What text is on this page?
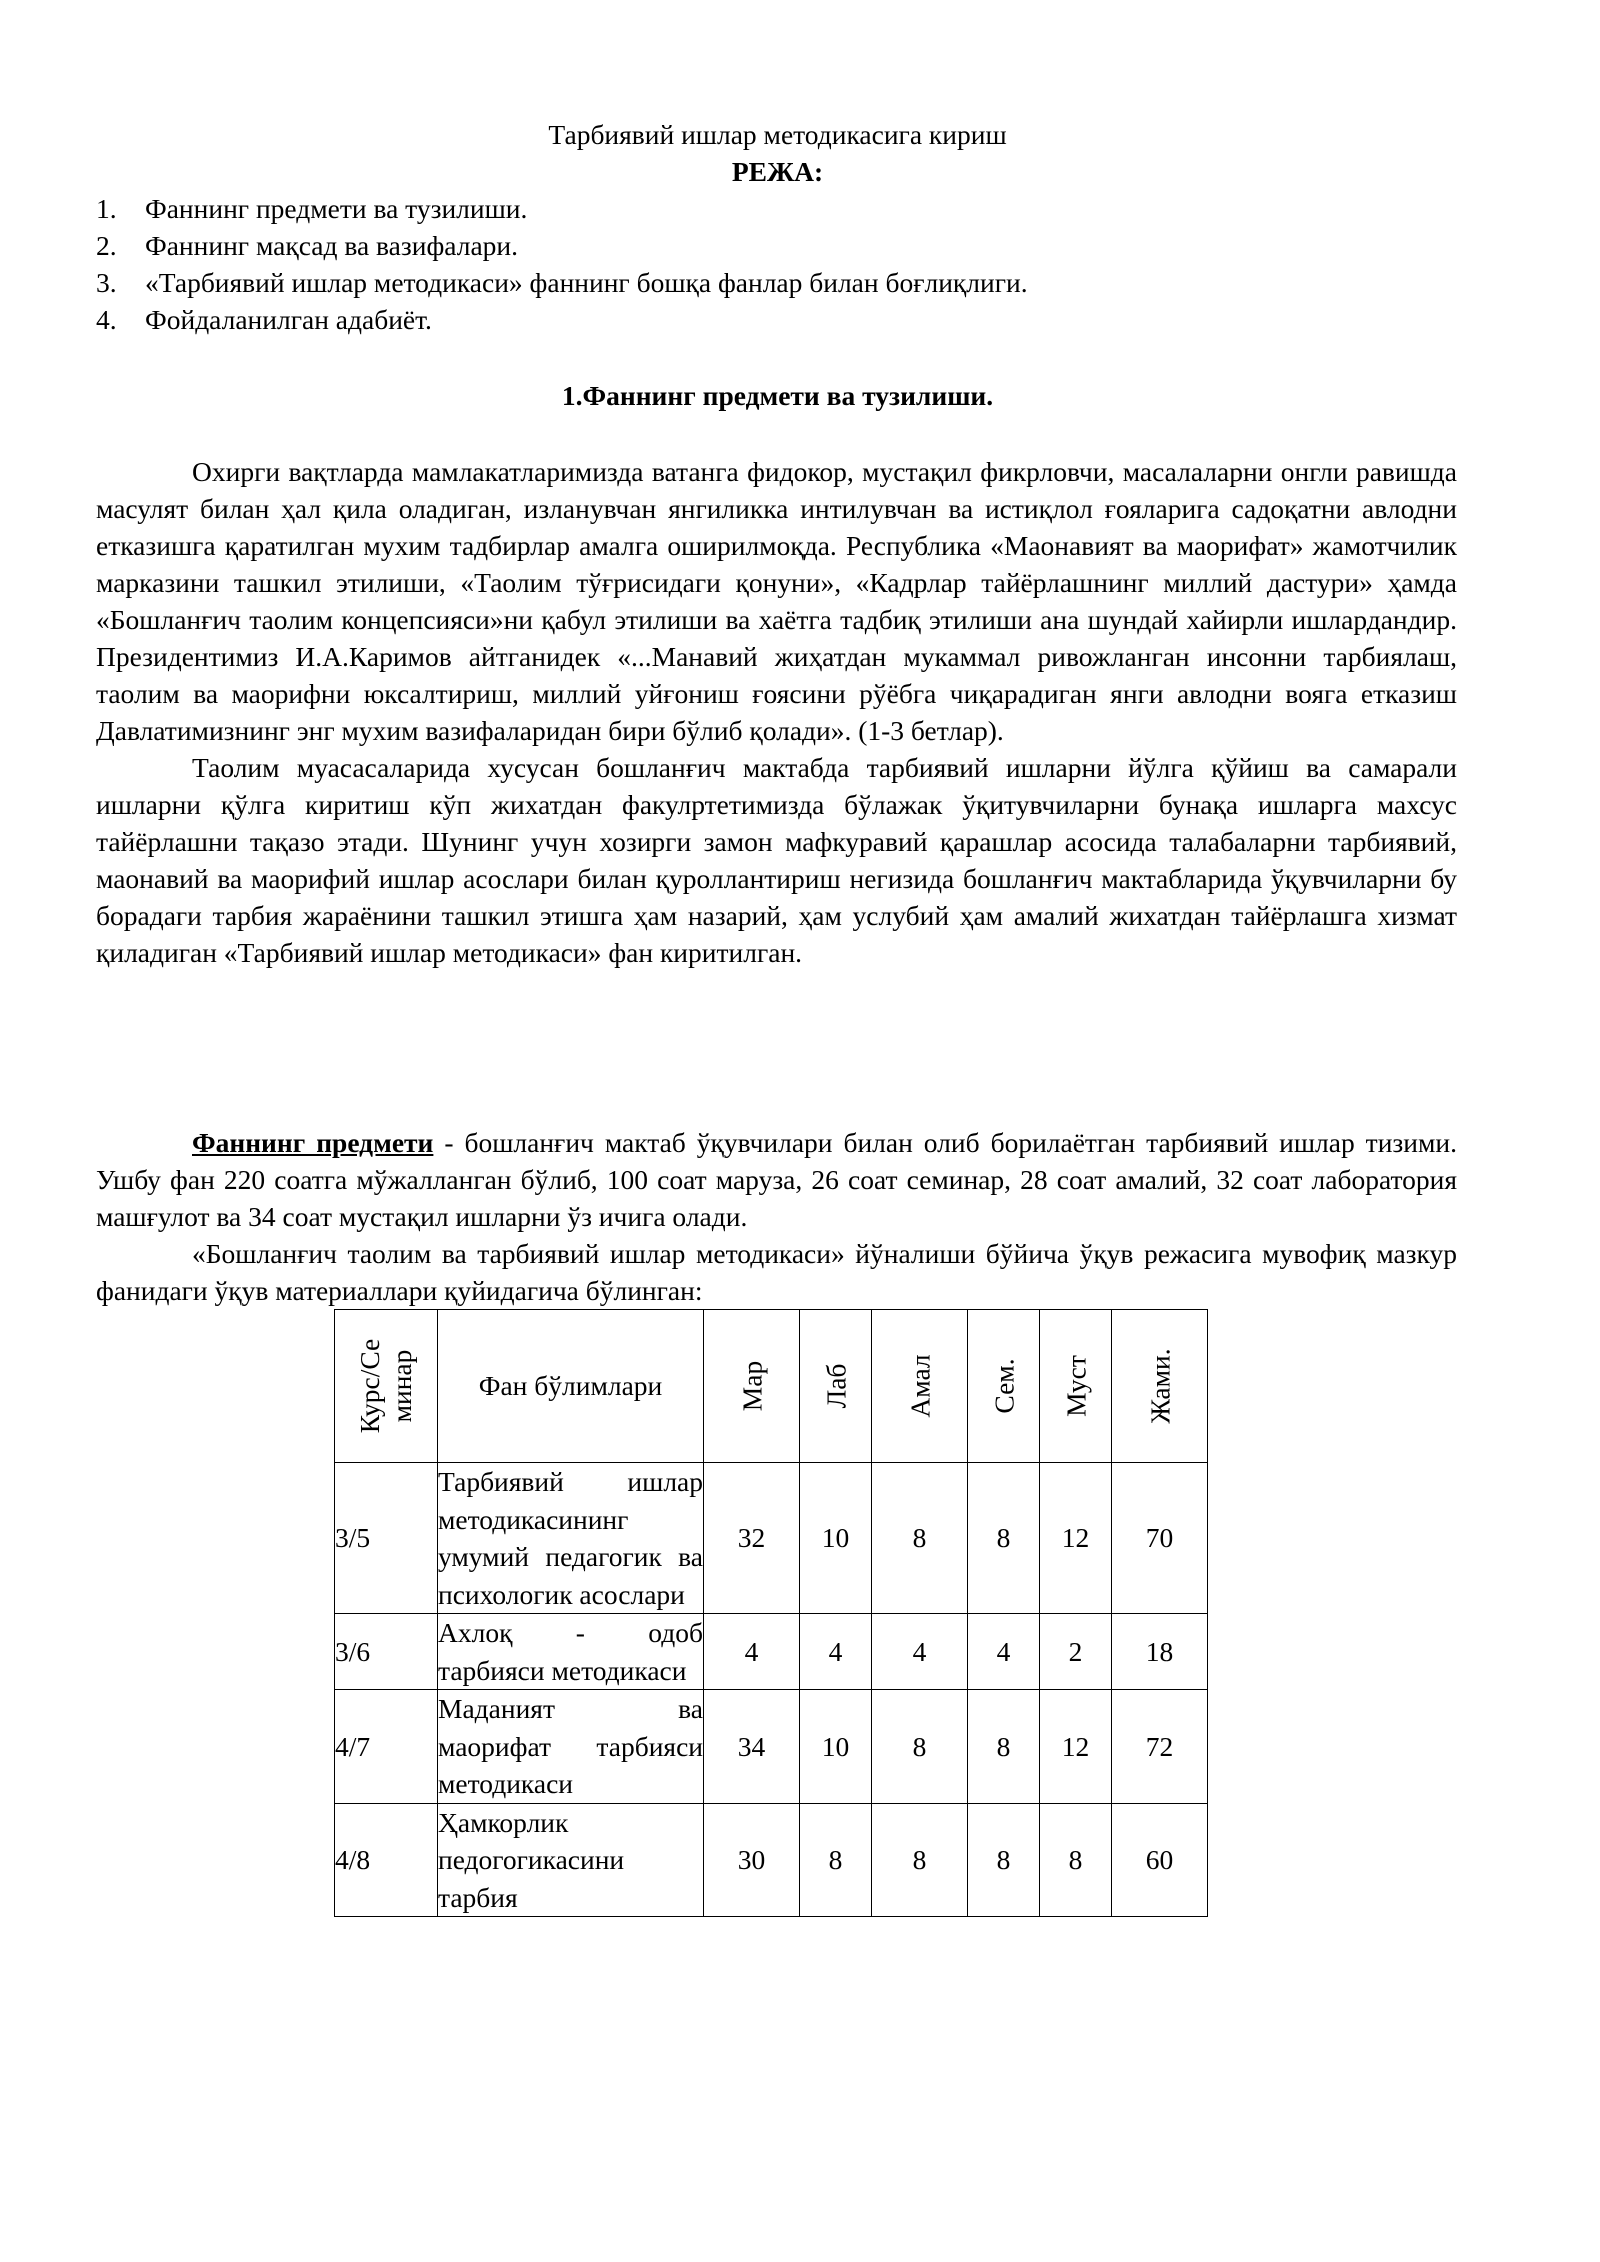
Тарбиявий ишлар методикасига кириш
РЕЖА:
1. Фаннинг предмети ва тузилиши.
2. Фаннинг мақсад ва вазифалари.
3. «Тарбиявий ишлар методикаси» фаннинг бошқа фанлар билан боғлиқлиги.
4. Фойдаланилган адабиёт.
1.Фаннинг предмети ва тузилиши.

Охирги вақтларда мамлакатларимизда ватанга фидокор, мустақил фикрловчи, масалаларни онгли равишда масулят билан ҳал қила оладиган, изланувчан янгиликка интилувчан ва истиқлол ғояларига садоқатни авлодни етказишга қаратилган мухим тадбирлар амалга оширилмоқда. Республика «Маонавият ва маорифат» жамотчилик марказини ташкил этилиши, «Таолим тўғрисидаги қонуни», «Кадрлар тайёрлашнинг миллий дастури» ҳамда «Бошланғич таолим концепсияси»ни қабул этилиши ва хаётга тадбиқ этилиши ана шундай хайирли ишлардандир. Президентимиз И.А.Каримов айтганидек «...Манавий жиҳатдан мукаммал ривожланган инсонни тарбиялаш, таолим ва маорифни юксалтириш, миллий уйғониш ғоясини рўёбга чиқарадиган янги авлодни вояга етказиш Давлатимизнинг энг мухим вазифаларидан бири бўлиб қолади». (1-3 бетлар).

Таолим муасасаларида хусусан бошланғич мактабда тарбиявий ишларни йўлга қўйиш ва самарали ишларни қўлга киритиш кўп жихатдан факулртетимизда бўлажак ўқитувчиларни бунақа ишларга махсус тайёрлашни тақазо этади. Шунинг учун хозирги замон мафкуравий қарашлар асосида талабаларни тарбиявий, маонавий ва маорифий ишлар асослари билан қуроллантириш негизида бошланғич мактабларида ўқувчиларни бу борадаги тарбия жараёнини ташкил этишга ҳам назарий, ҳам услубий ҳам амалий жихатдан тайёрлашга хизмат қиладиган «Тарбиявий ишлар методикаси» фан киритилган.

Фаннинг предмети - бошланғич мактаб ўқувчилари билан олиб борилаётган тарбиявий ишлар тизими. Ушбу фан 220 соатга мўжалланган бўлиб, 100 соат маруза, 26 соат семинар, 28 соат амалий, 32 соат лаборатория машғулот ва 34 соат мустақил ишларни ўз ичига олади.

«Бошланғич таолим ва тарбиявий ишлар методикаси» йўналиши бўйича ўқув режасига мувофиқ мазкур фанидаги ўқув материаллари қуйидагича бўлинган:

Курс/Се минар	Фан бўлимлари	Мар	Лаб	Амал	Сем.	Муст	Жами.

3/5	Тарбиявий ишлар методикасининг умумий педагогик ва психологик асослари	32	10	8	8	12	70
3/6	Ахлоқ - одоб тарбияси методикаси	4	4	4	4	2	18
4/7	Маданият ва маорифат тарбияси методикаси	34	10	8	8	12	72
4/8	Ҳамкорлик педогогикасини тарбия	30	8	8	8	8	60
